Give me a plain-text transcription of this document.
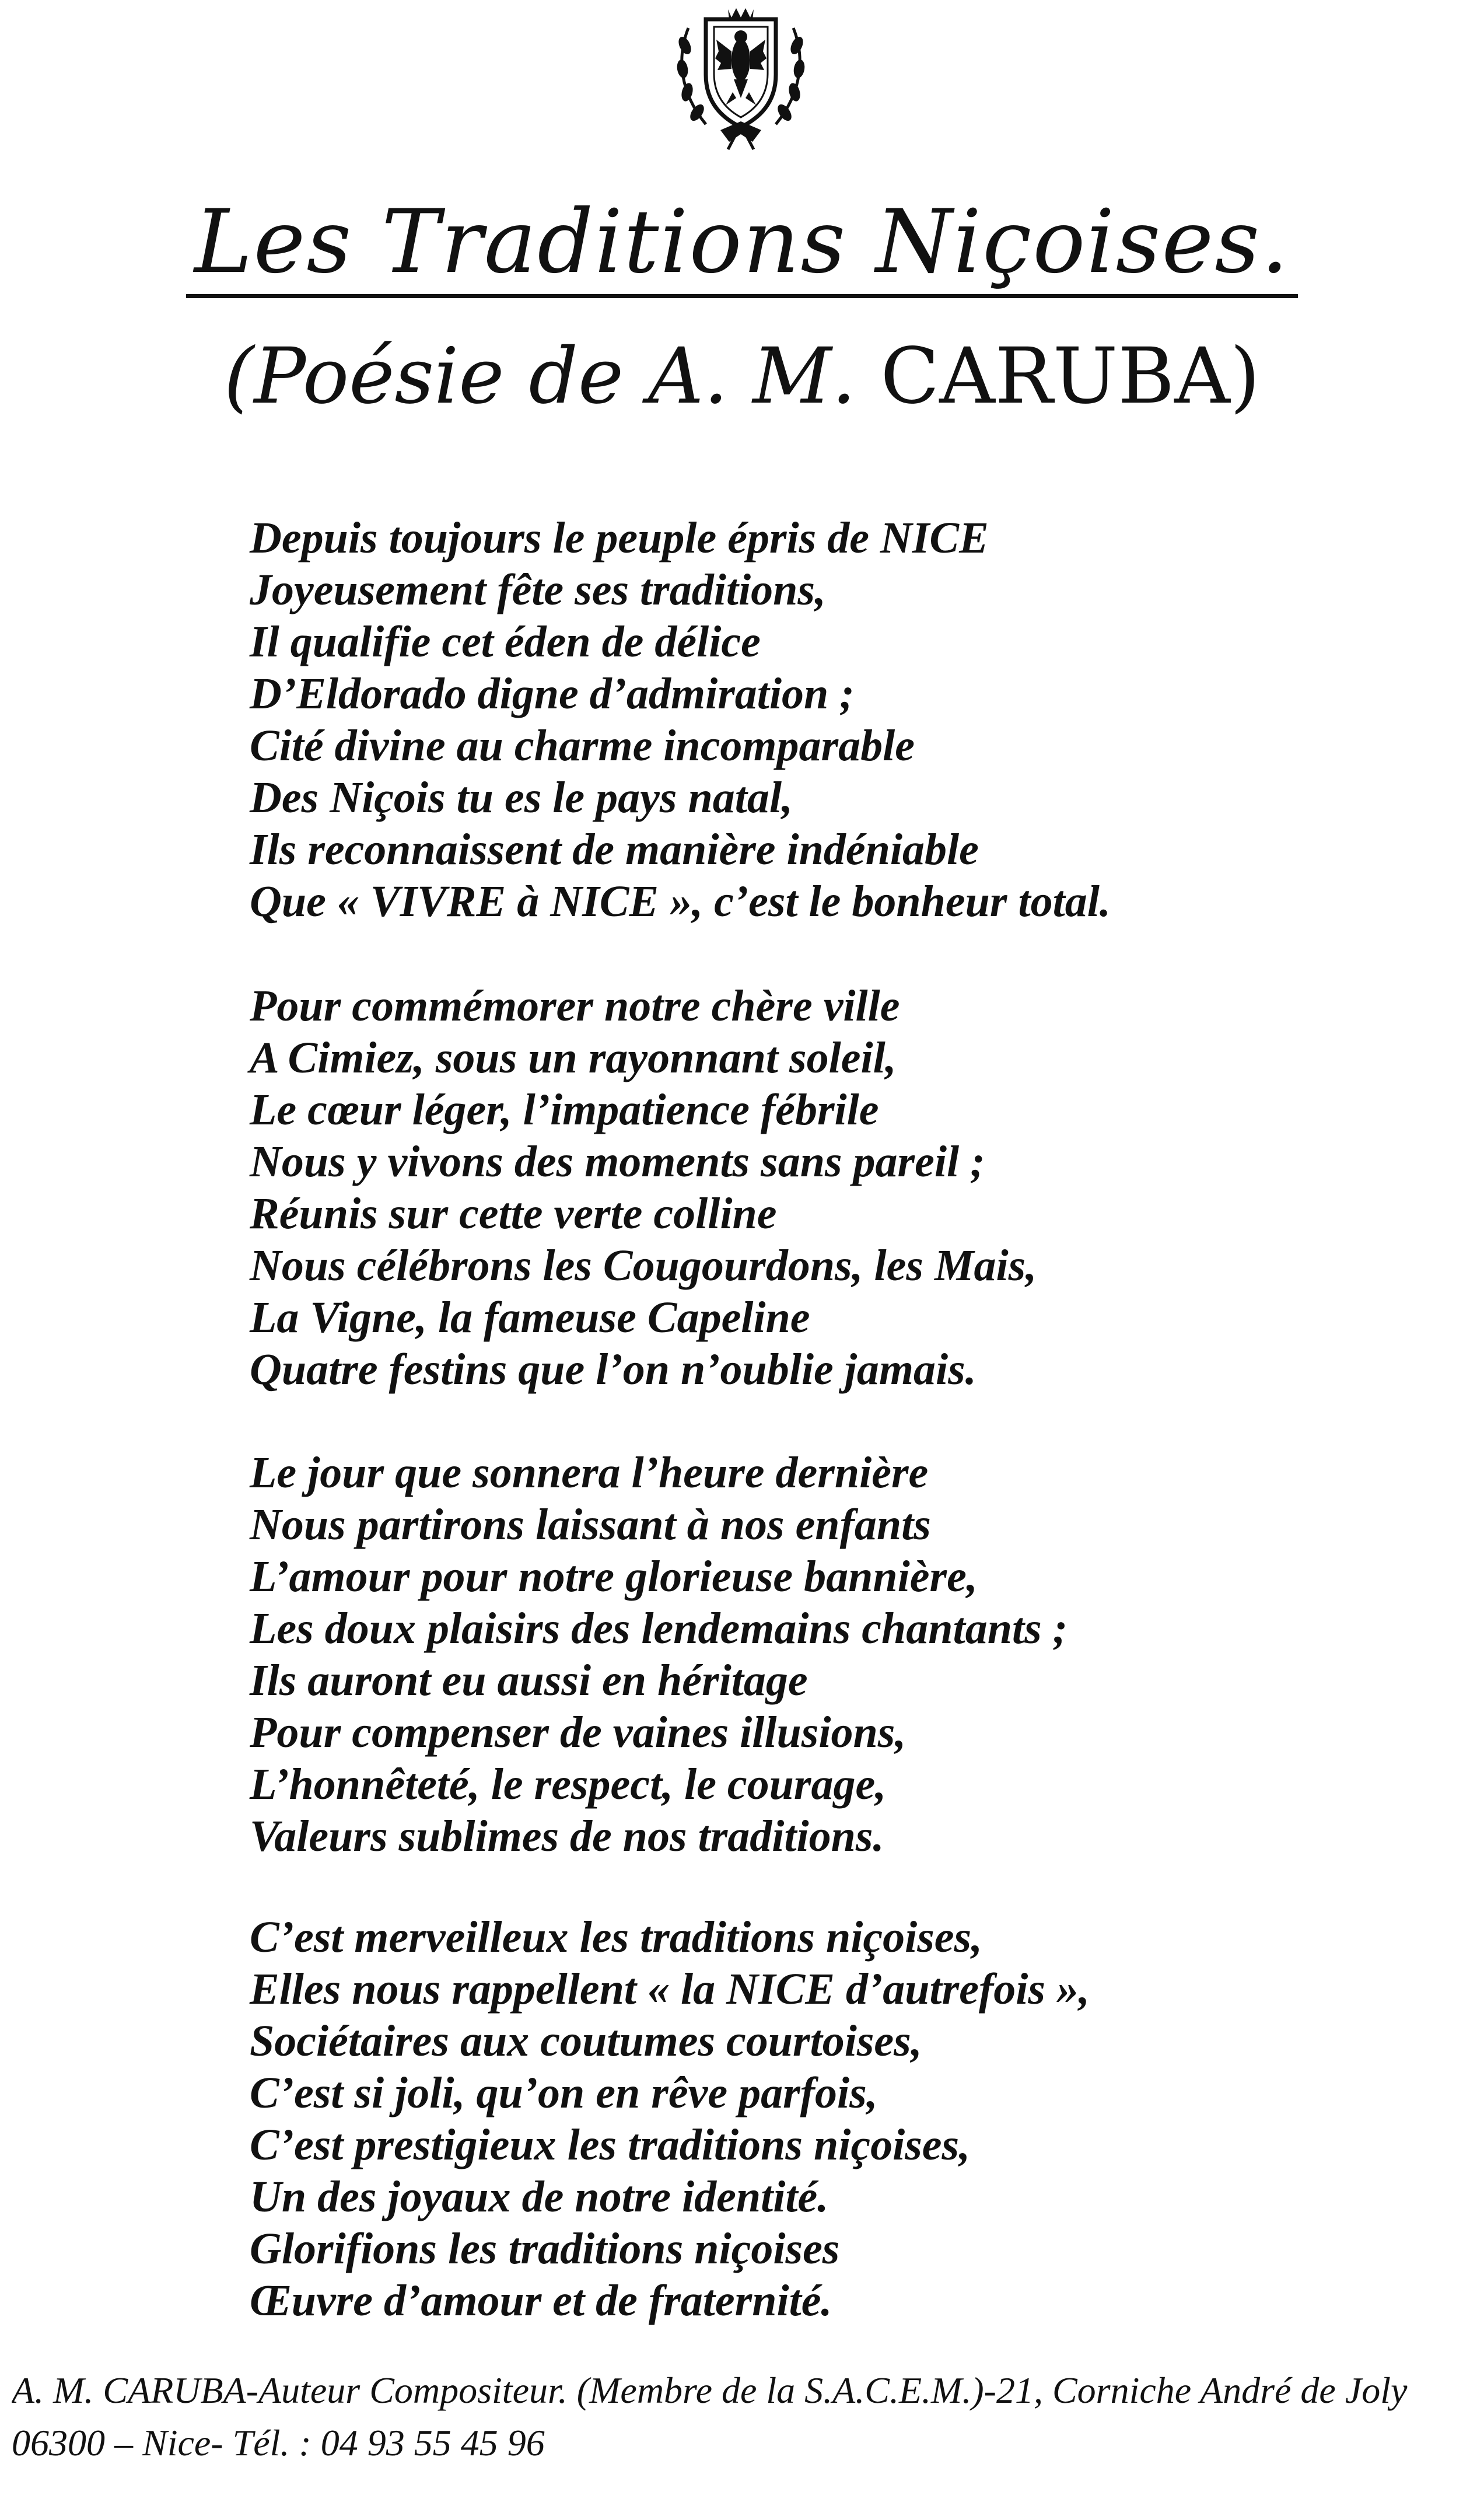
Les Traditions Niçoises.
(Poésie de A. M. CARUBA)
Depuis toujours le peuple épris de NICE
Joyeusement fête ses traditions,
Il qualifie cet éden de délice
D’Eldorado digne d’admiration ;
Cité divine au charme incomparable
Des Niçois tu es le pays natal,
Ils reconnaissent de manière indéniable
Que « VIVRE à NICE », c’est le bonheur total.
Pour commémorer notre chère ville
A Cimiez, sous un rayonnant soleil,
Le cœur léger, l’impatience fébrile
Nous y vivons des moments sans pareil ;
Réunis sur cette verte colline
Nous célébrons les Cougourdons, les Mais,
La Vigne, la fameuse Capeline
Quatre festins que l’on n’oublie jamais.
Le jour que sonnera l’heure dernière
Nous partirons laissant à nos enfants
L’amour pour notre glorieuse bannière,
Les doux plaisirs des lendemains chantants ;
Ils auront eu aussi en héritage
Pour compenser de vaines illusions,
L’honnêteté, le respect, le courage,
Valeurs sublimes de nos traditions.
C’est merveilleux les traditions niçoises,
Elles nous rappellent « la NICE d’autrefois »,
Sociétaires aux coutumes courtoises,
C’est si joli, qu’on en rêve parfois,
C’est prestigieux les traditions niçoises,
Un des joyaux de notre identité.
Glorifions les traditions niçoises
Œuvre d’amour et de fraternité.
A. M. CARUBA-Auteur Compositeur. (Membre de la S.A.C.E.M.)-21, Corniche André de Joly
06300 – Nice- Tél. : 04 93 55 45 96
